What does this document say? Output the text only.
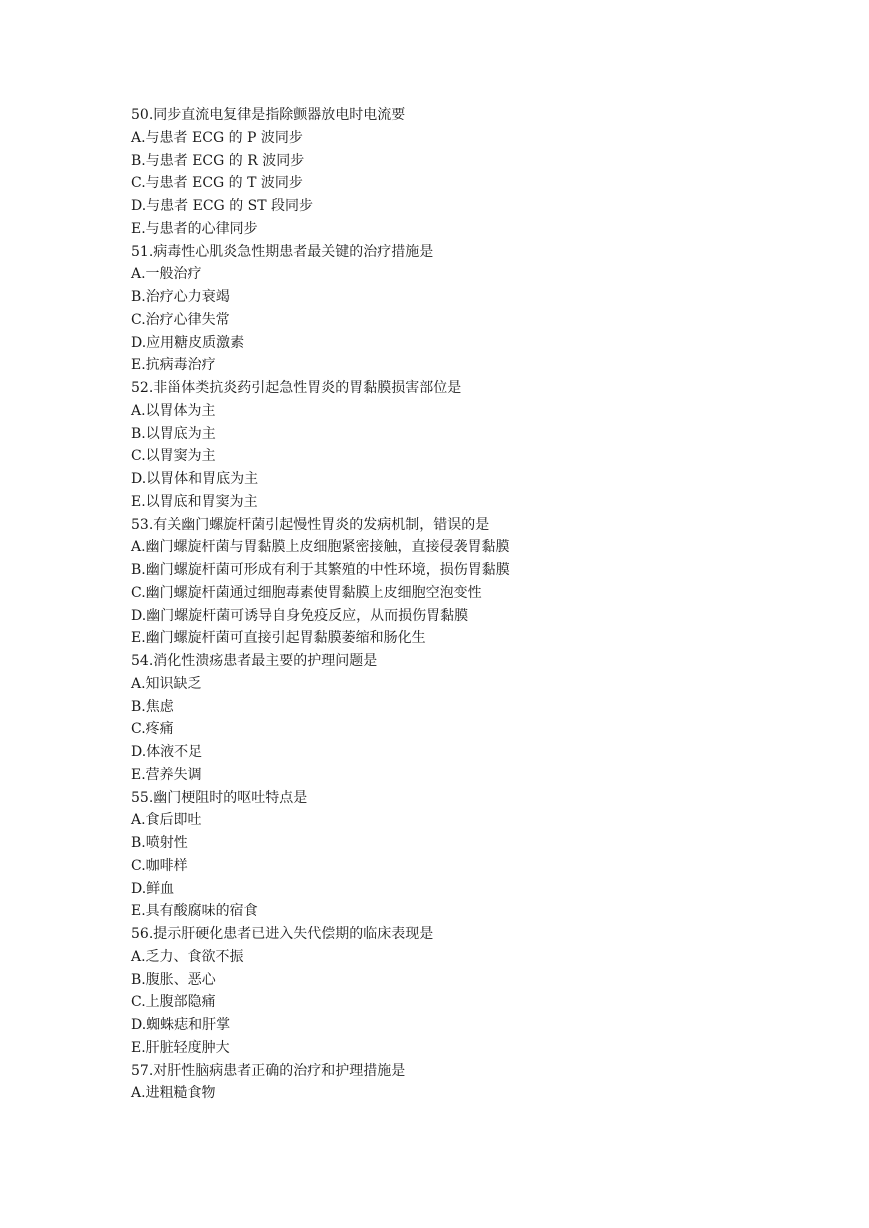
50.同步直流电复律是指除颤器放电时电流要

A.与患者 ECG 的 P 波同步

B.与患者 ECG 的 R 波同步

C.与患者 ECG 的 T 波同步

D.与患者 ECG 的 ST 段同步

E.与患者的心律同步

51.病毒性心肌炎急性期患者最关键的治疗措施是

A.一般治疗

B.治疗心力衰竭

C.治疗心律失常

D.应用糖皮质激素

E.抗病毒治疗

52.非甾体类抗炎药引起急性胃炎的胃黏膜损害部位是

A.以胃体为主

B.以胃底为主

C.以胃窦为主

D.以胃体和胃底为主

E.以胃底和胃窦为主

53.有关幽门螺旋杆菌引起慢性胃炎的发病机制，错误的是

A.幽门螺旋杆菌与胃黏膜上皮细胞紧密接触，直接侵袭胃黏膜

B.幽门螺旋杆菌可形成有利于其繁殖的中性环境，损伤胃黏膜

C.幽门螺旋杆菌通过细胞毒素使胃黏膜上皮细胞空泡变性

D.幽门螺旋杆菌可诱导自身免疫反应，从而损伤胃黏膜

E.幽门螺旋杆菌可直接引起胃黏膜萎缩和肠化生

54.消化性溃疡患者最主要的护理问题是

A.知识缺乏

B.焦虑

C.疼痛

D.体液不足

E.营养失调

55.幽门梗阻时的呕吐特点是

A.食后即吐

B.喷射性

C.咖啡样

D.鲜血

E.具有酸腐味的宿食

56.提示肝硬化患者已进入失代偿期的临床表现是

A.乏力、食欲不振

B.腹胀、恶心

C.上腹部隐痛

D.蜘蛛痣和肝掌

E.肝脏轻度肿大

57.对肝性脑病患者正确的治疗和护理措施是

A.进粗糙食物
